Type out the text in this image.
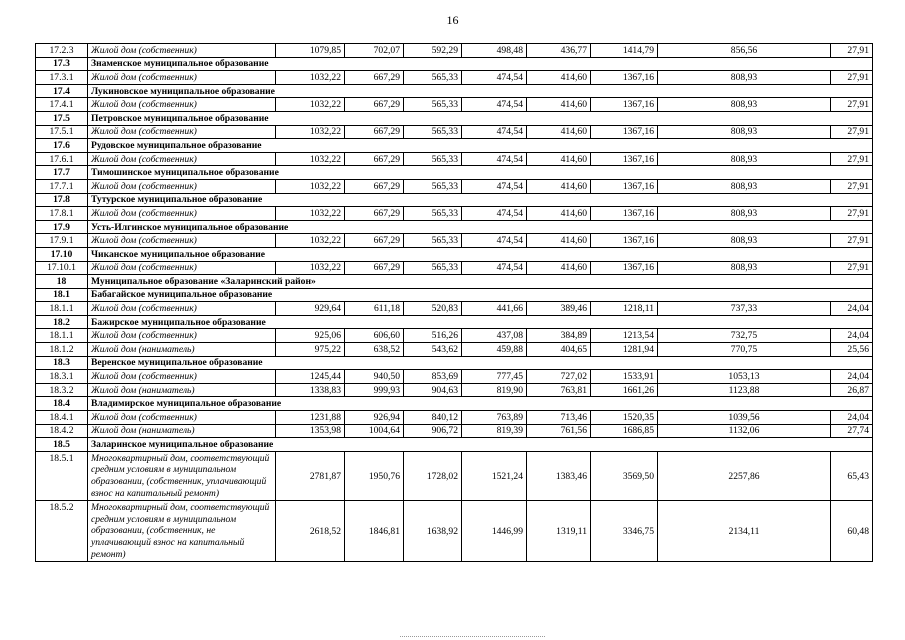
16
17.2.3	Жилой дом (собственник)	1079,85	702,07	592,29	498,48	436,77	1414,79	856,56	27,91
17.3	Знаменское муниципальное образование								
17.3.1	Жилой дом (собственник)	1032,22	667,29	565,33	474,54	414,60	1367,16	808,93	27,91
17.4	Лукиновское муниципальное образование								
17.4.1	Жилой дом (собственник)	1032,22	667,29	565,33	474,54	414,60	1367,16	808,93	27,91
17.5	Петровское муниципальное образование								
17.5.1	Жилой дом (собственник)	1032,22	667,29	565,33	474,54	414,60	1367,16	808,93	27,91
17.6	Рудовское муниципальное образование								
17.6.1	Жилой дом (собственник)	1032,22	667,29	565,33	474,54	414,60	1367,16	808,93	27,91
17.7	Тимошинское муниципальное образование								
17.7.1	Жилой дом (собственник)	1032,22	667,29	565,33	474,54	414,60	1367,16	808,93	27,91
17.8	Тутурское муниципальное образование								
17.8.1	Жилой дом (собственник)	1032,22	667,29	565,33	474,54	414,60	1367,16	808,93	27,91
17.9	Усть-Илгинское муниципальное образование								
17.9.1	Жилой дом (собственник)	1032,22	667,29	565,33	474,54	414,60	1367,16	808,93	27,91
17.10	Чиканское муниципальное образование								
17.10.1	Жилой дом (собственник)	1032,22	667,29	565,33	474,54	414,60	1367,16	808,93	27,91
18	Муниципальное образование «Заларинский район»								
18.1	Бабагайское муниципальное образование								
18.1.1	Жилой дом (собственник)	929,64	611,18	520,83	441,66	389,46	1218,11	737,33	24,04
18.2	Бажирское муниципальное образование								
18.1.1	Жилой дом (собственник)	925,06	606,60	516,26	437,08	384,89	1213,54	732,75	24,04
18.1.2	Жилой дом (наниматель)	975,22	638,52	543,62	459,88	404,65	1281,94	770,75	25,56
18.3	Веренское муниципальное образование								
18.3.1	Жилой дом (собственник)	1245,44	940,50	853,69	777,45	727,02	1533,91	1053,13	24,04
18.3.2	Жилой дом (наниматель)	1338,83	999,93	904,63	819,90	763,81	1661,26	1123,88	26,87
18.4	Владимирское муниципальное образование								
18.4.1	Жилой дом (собственник)	1231,88	926,94	840,12	763,89	713,46	1520,35	1039,56	24,04
18.4.2	Жилой дом (наниматель)	1353,98	1004,64	906,72	819,39	761,56	1686,85	1132,06	27,74
18.5	Заларинское муниципальное образование								
18.5.1	Многоквартирный дом, соответствующий средним условиям в муниципальном образовании, (собственник, уплачивающий взнос на капитальный ремонт)	2781,87	1950,76	1728,02	1521,24	1383,46	3569,50	2257,86	65,43
18.5.2	Многоквартирный дом, соответствующий средним условиям в муниципальном образовании, (собственник, не уплачивающий взнос на капитальный ремонт)	2618,52	1846,81	1638,92	1446,99	1319,11	3346,75	2134,11	60,48
